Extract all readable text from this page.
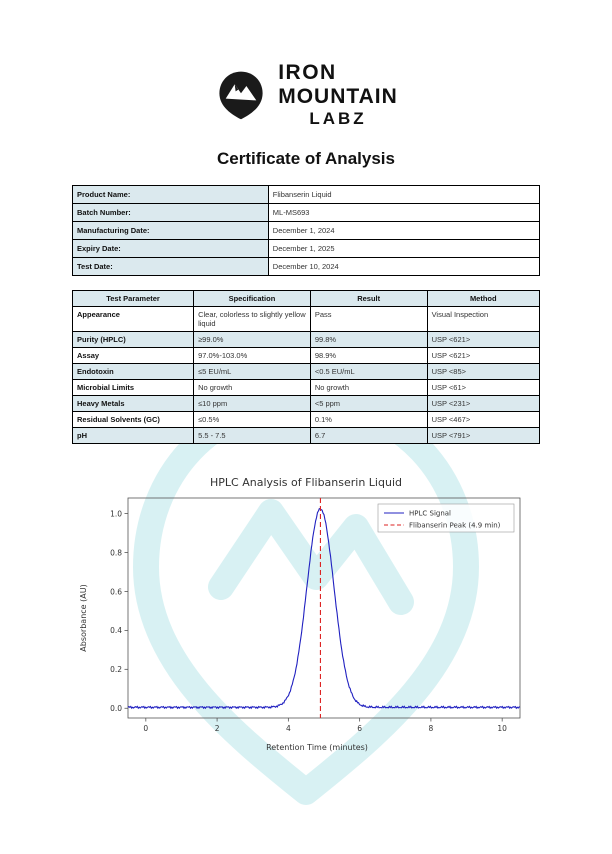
IRON
MOUNTAIN
LABZ
Certificate of Analysis
Product Name:	Flibanserin Liquid
Batch Number:	ML-MS693
Manufacturing Date:	December 1, 2024
Expiry Date:	December 1, 2025
Test Date:	December 10, 2024
Test Parameter	Specification	Result	Method
Appearance	Clear, colorless to slightly yellow liquid	Pass	Visual Inspection
Purity (HPLC)	≥99.0%	99.8%	USP <621>
Assay	97.0%-103.0%	98.9%	USP <621>
Endotoxin	≤5 EU/mL	<0.5 EU/mL	USP <85>
Microbial Limits	No growth	No growth	USP <61>
Heavy Metals	≤10 ppm	<5 ppm	USP <231>
Residual Solvents (GC)	≤0.5%	0.1%	USP <467>
pH	5.5 - 7.5	6.7	USP <791>
HPLC Analysis of Flibanserin Liquid
0	2	4	6	8	10
0.0
0.2
0.4
0.6
0.8
1.0
Retention Time (minutes)
Absorbance (AU)
HPLC Signal
Flibanserin Peak (4.9 min)
